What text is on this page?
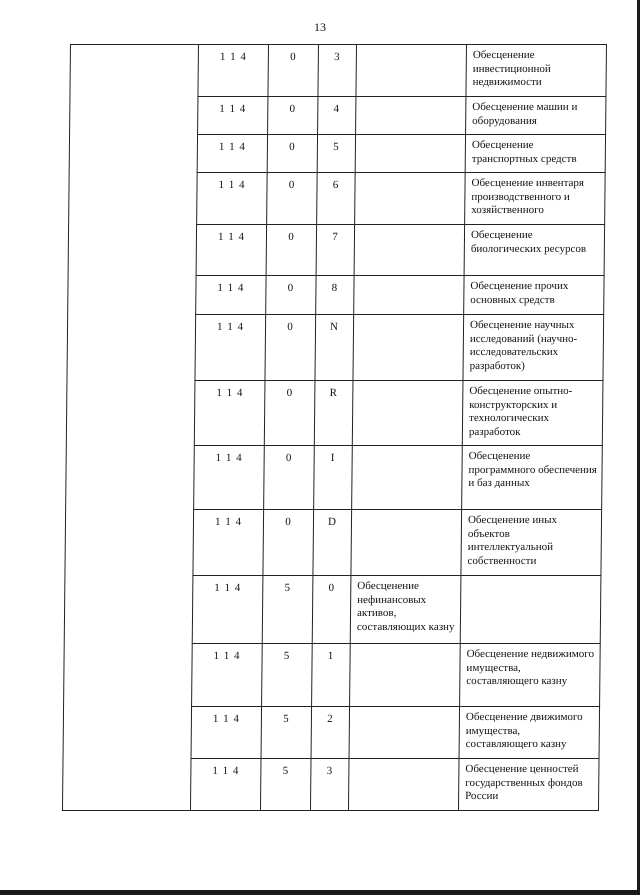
13
	1 1 4	0	3		Обесценение инвестиционной недвижимости
	1 1 4	0	4		Обесценение машин и оборудования
	1 1 4	0	5		Обесценение транспортных средств
	1 1 4	0	6		Обесценение инвентаря производственного и хозяйственного
	1 1 4	0	7		Обесценение биологических ресурсов
	1 1 4	0	8		Обесценение прочих основных средств
	1 1 4	0	N		Обесценение научных исследований (научно-исследовательских разработок)
	1 1 4	0	R		Обесценение опытно-конструкторских и технологических разработок
	1 1 4	0	I		Обесценение программного обеспечения и баз данных
	1 1 4	0	D		Обесценение иных объектов интеллектуальной собственности
	1 1 4	5	0	Обесценение нефинансовых активов, составляющих казну	
	1 1 4	5	1		Обесценение недвижимого имущества, составляющего казну
	1 1 4	5	2		Обесценение движимого имущества, составляющего казну
	1 1 4	5	3		Обесценение ценностей государственных фондов России
